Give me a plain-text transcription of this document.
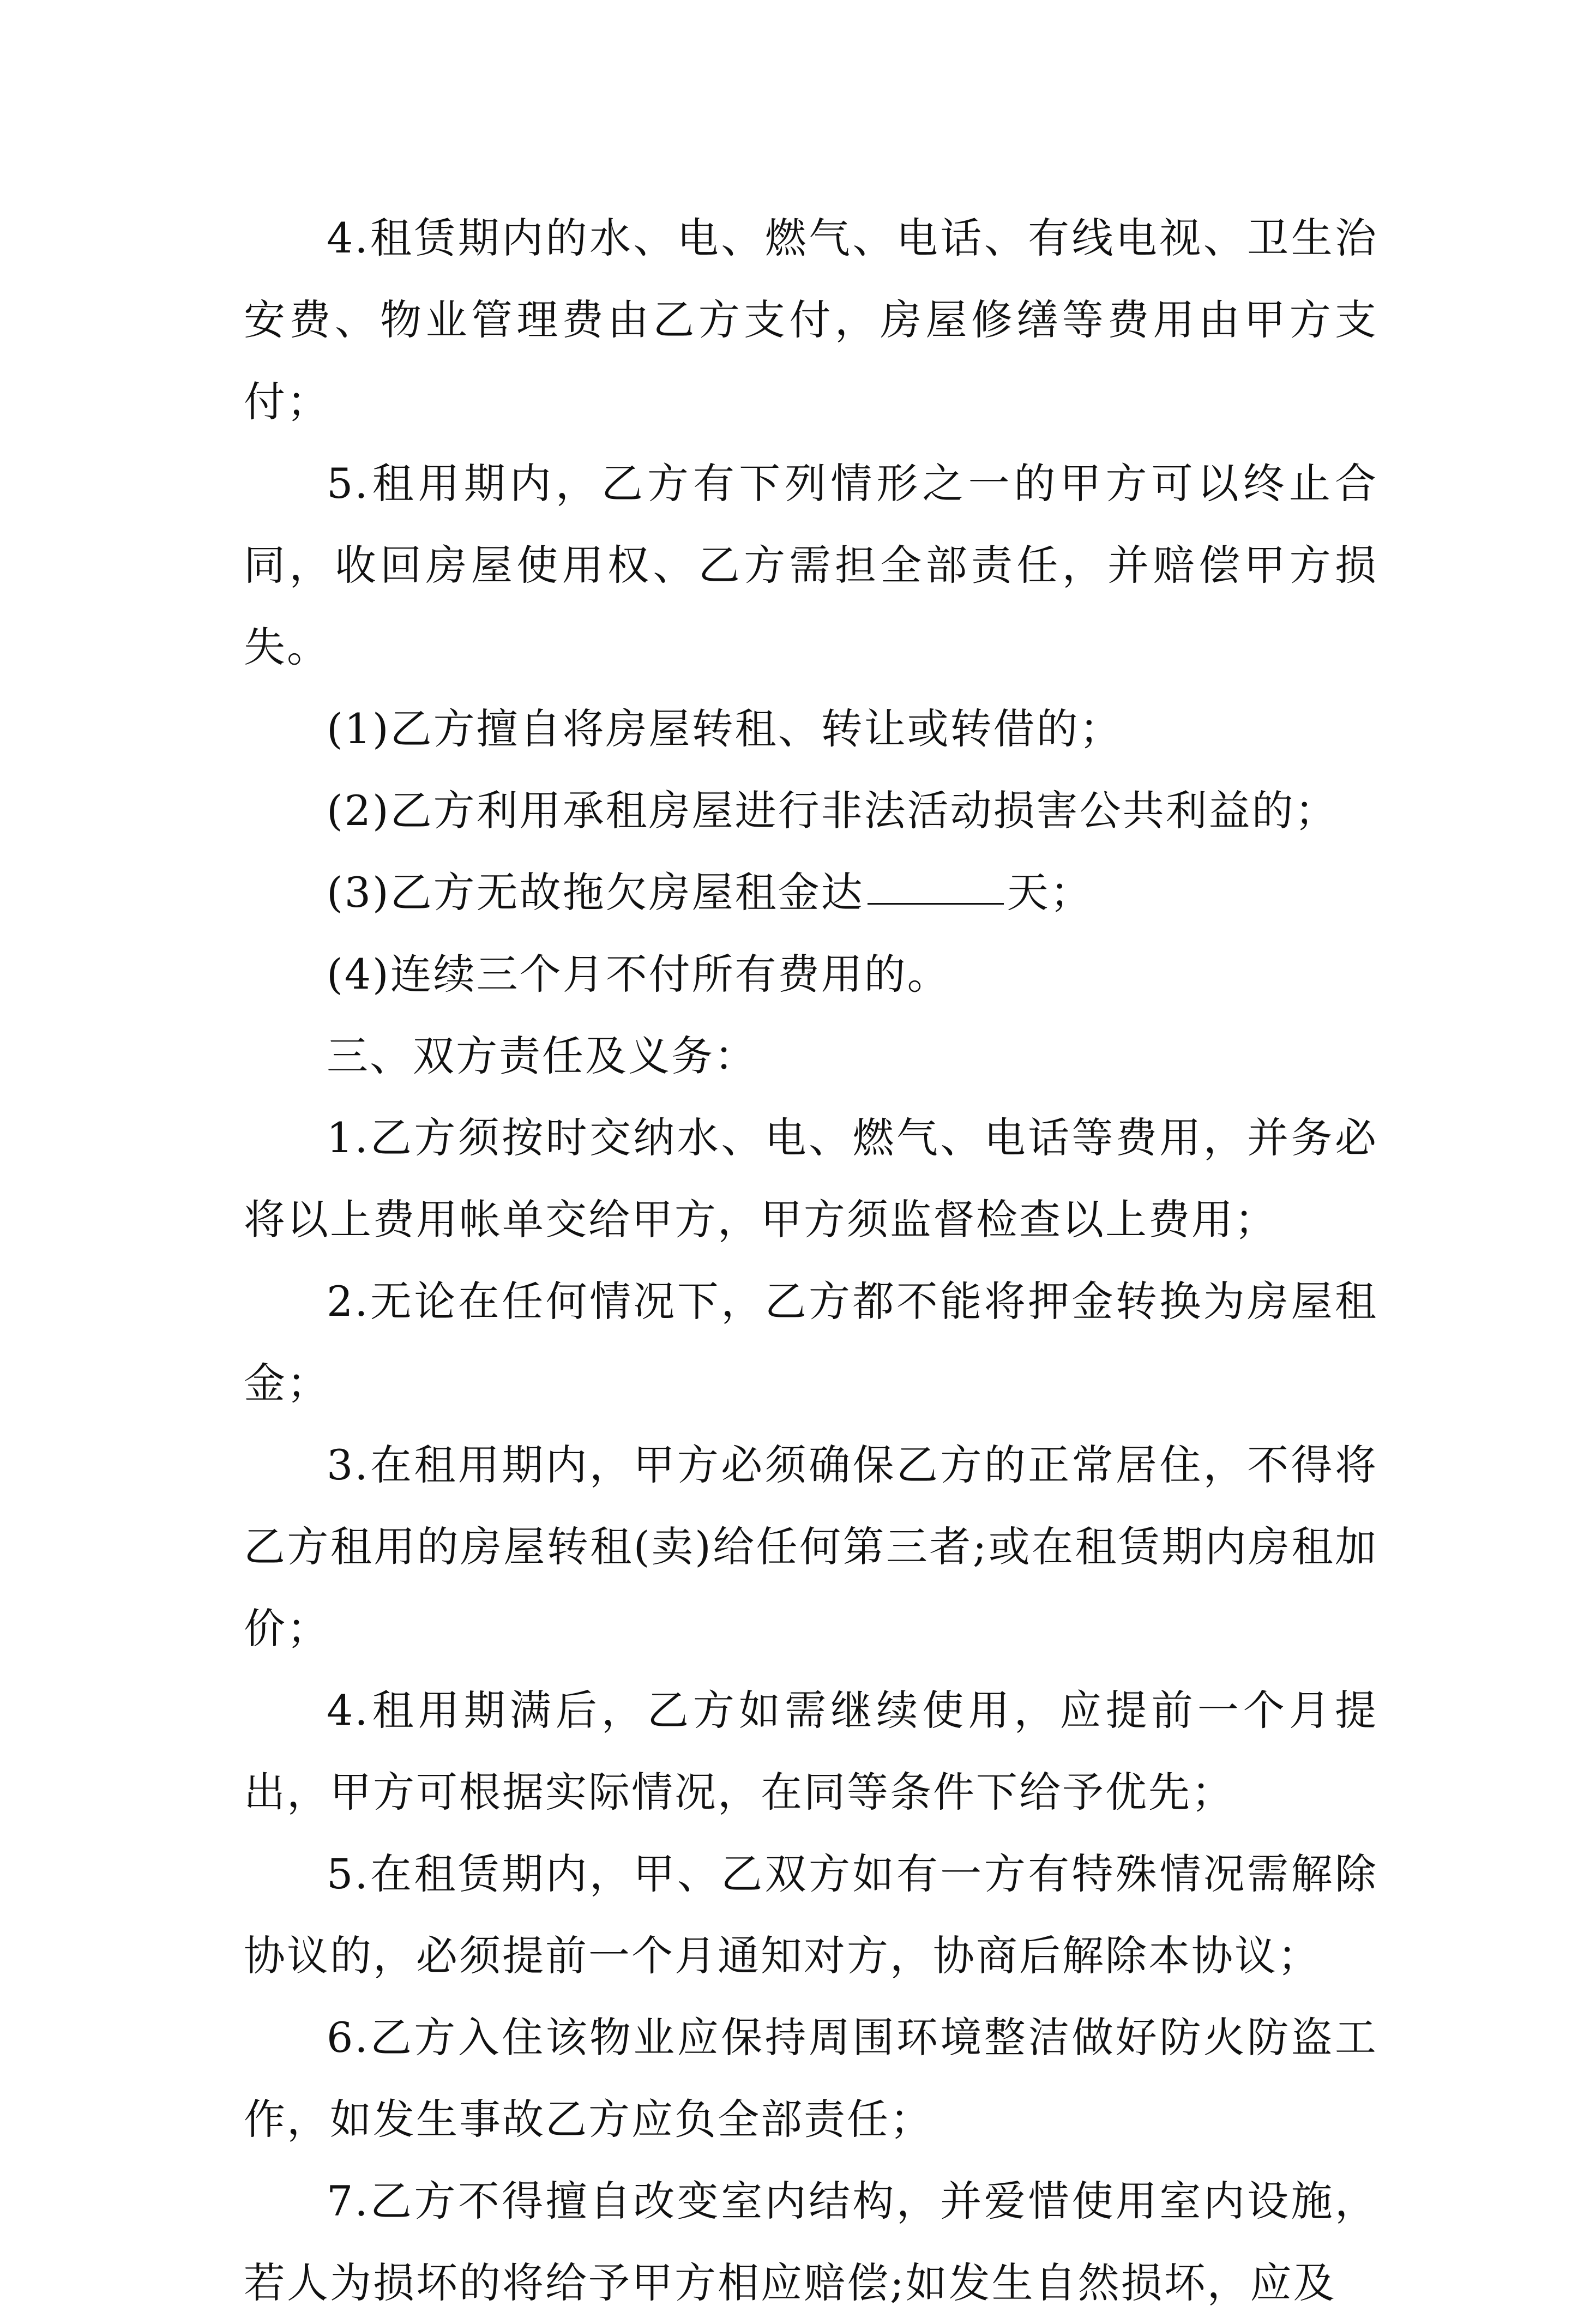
4.租赁期内的水、电、燃气、电话、有线电视、卫生治安费、物业管理费由乙方支付，房屋修缮等费用由甲方支付；

5.租用期内，乙方有下列情形之一的甲方可以终止合同，收回房屋使用权、乙方需担全部责任，并赔偿甲方损失。

(1)乙方擅自将房屋转租、转让或转借的；

(2)乙方利用承租房屋进行非法活动损害公共利益的；

(3)乙方无故拖欠房屋租金达	天；

(4)连续三个月不付所有费用的。

三、双方责任及义务：

1.乙方须按时交纳水、电、燃气、电话等费用，并务必将以上费用帐单交给甲方，甲方须监督检查以上费用；

2.无论在任何情况下，乙方都不能将押金转换为房屋租金；

3.在租用期内，甲方必须确保乙方的正常居住，不得将乙方租用的房屋转租(卖)给任何第三者;或在租赁期内房租加价；

4.租用期满后，乙方如需继续使用，应提前一个月提出，甲方可根据实际情况，在同等条件下给予优先；

5.在租赁期内，甲、乙双方如有一方有特殊情况需解除协议的，必须提前一个月通知对方，协商后解除本协议；

6.乙方入住该物业应保持周围环境整洁做好防火防盗工作，如发生事故乙方应负全部责任；

7.乙方不得擅自改变室内结构，并爱惜使用室内设施，若人为损坏的将给予甲方相应赔偿;如发生自然损坏，应及
